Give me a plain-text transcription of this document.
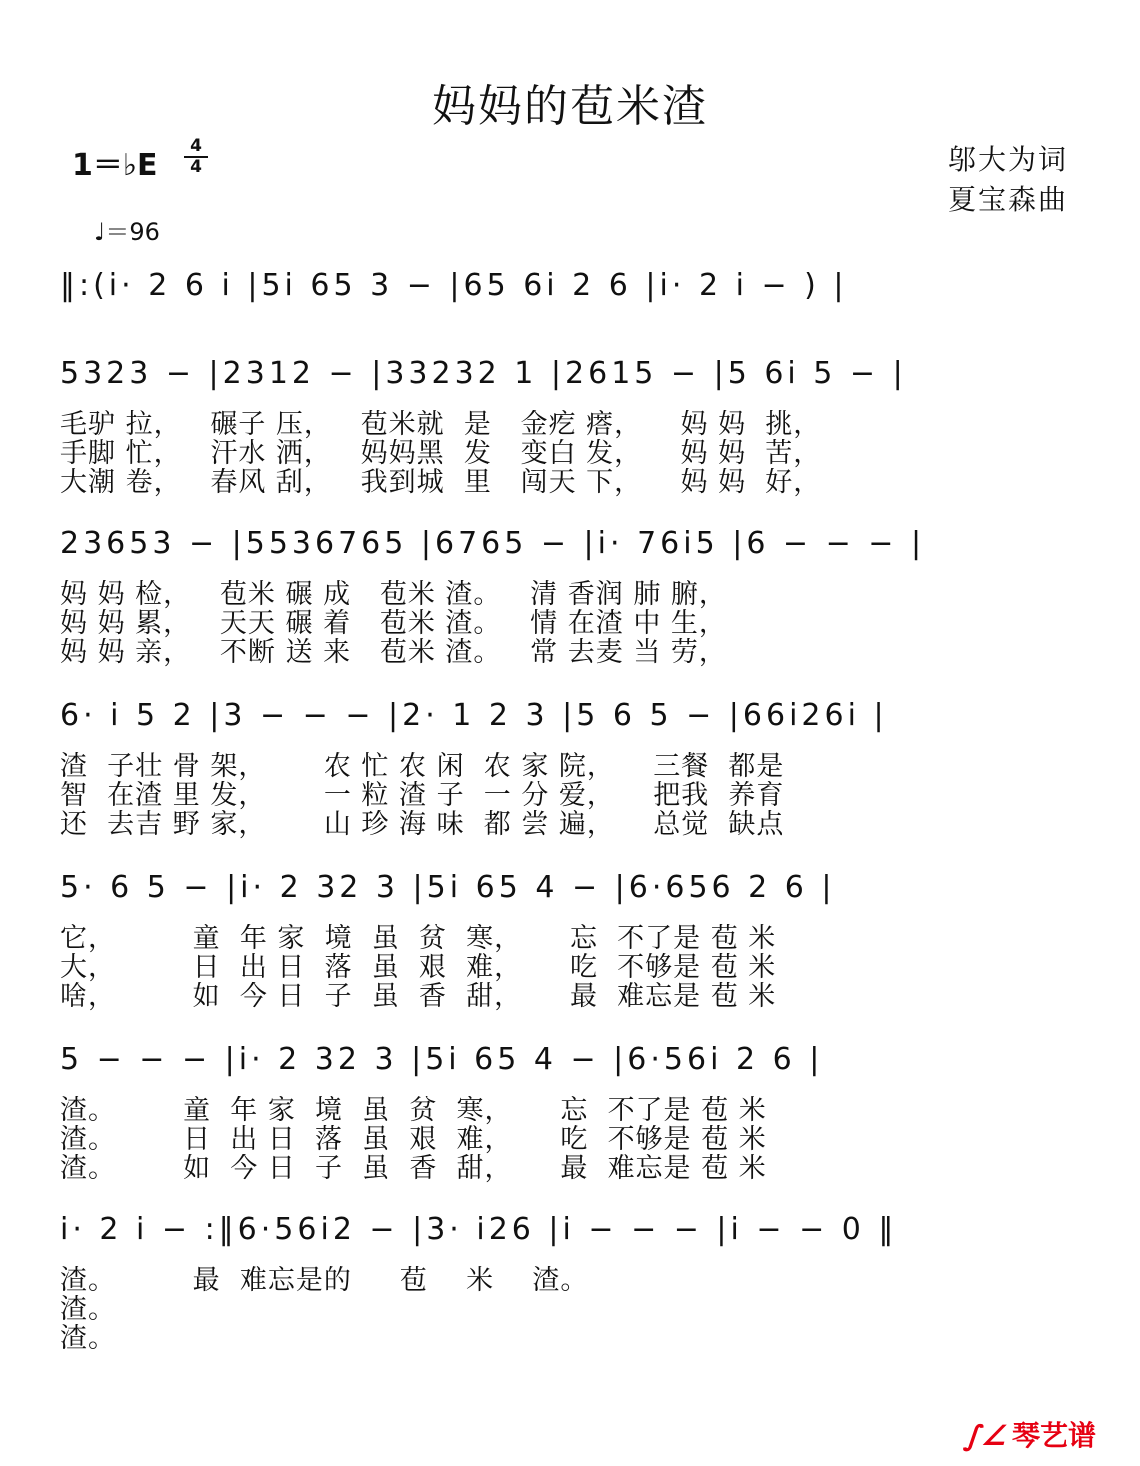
妈妈的苞米渣
1＝♭E
4
4
♩＝96
邬大为词
夏宝森曲
‖:(i· 2 6 i |5i 65 3 − |65 6i 2 6 |i· 2 i − ) |
5323 − |2312 − |33232 1 |2615 − |5 6i 5 − |
毛驴 拉，   碾子 压，   苞米就  是   金疙 瘩，    妈 妈  挑，
手脚 忙，   汗水 洒，   妈妈黑  发   变白 发，    妈 妈  苦，
大潮 卷，   春风 刮，   我到城  里   闯天 下，    妈 妈  好，
23653 − |5536765 |6765 − |i· 76i5 |6 − − − |
妈 妈 检，   苞米 碾 成   苞米 渣。   清 香润 肺 腑，
妈 妈 累，   天天 碾 着   苞米 渣。   情 在渣 中 生，
妈 妈 亲，   不断 送 来   苞米 渣。   常 去麦 当 劳，
6· i 5 2 |3 − − − |2· 1 2 3 |5 6 5 − |66i26i |
渣  子壮 骨 架，      农 忙 农 闲  农 家 院，    三餐  都是
智  在渣 里 发，      一 粒 渣 子  一 分 爱，    把我  养育
还  去吉 野 家，      山 珍 海 味  都 尝 遍，    总觉  缺点
5· 6 5 − |i· 2 32 3 |5i 65 4 − |6·656 2 6 |
它，        童  年 家  境  虽  贫  寒，     忘  不了是 苞 米
大，        日  出 日  落  虽  艰  难，     吃  不够是 苞 米
啥，        如  今 日  子  虽  香  甜，     最  难忘是 苞 米
5 − − − |i· 2 32 3 |5i 65 4 − |6·56i 2 6 |
渣。       童  年 家  境  虽  贫  寒，     忘  不了是 苞 米
渣。       日  出 日  落  虽  艰  难，     吃  不够是 苞 米
渣。       如  今 日  子  虽  香  甜，     最  难忘是 苞 米
i· 2 i − :‖6·56i2 − |3· i26 |i − − − |i − − 0 ‖
渣。        最  难忘是的     苞    米    渣。
渣。
渣。
∫∠琴艺谱
